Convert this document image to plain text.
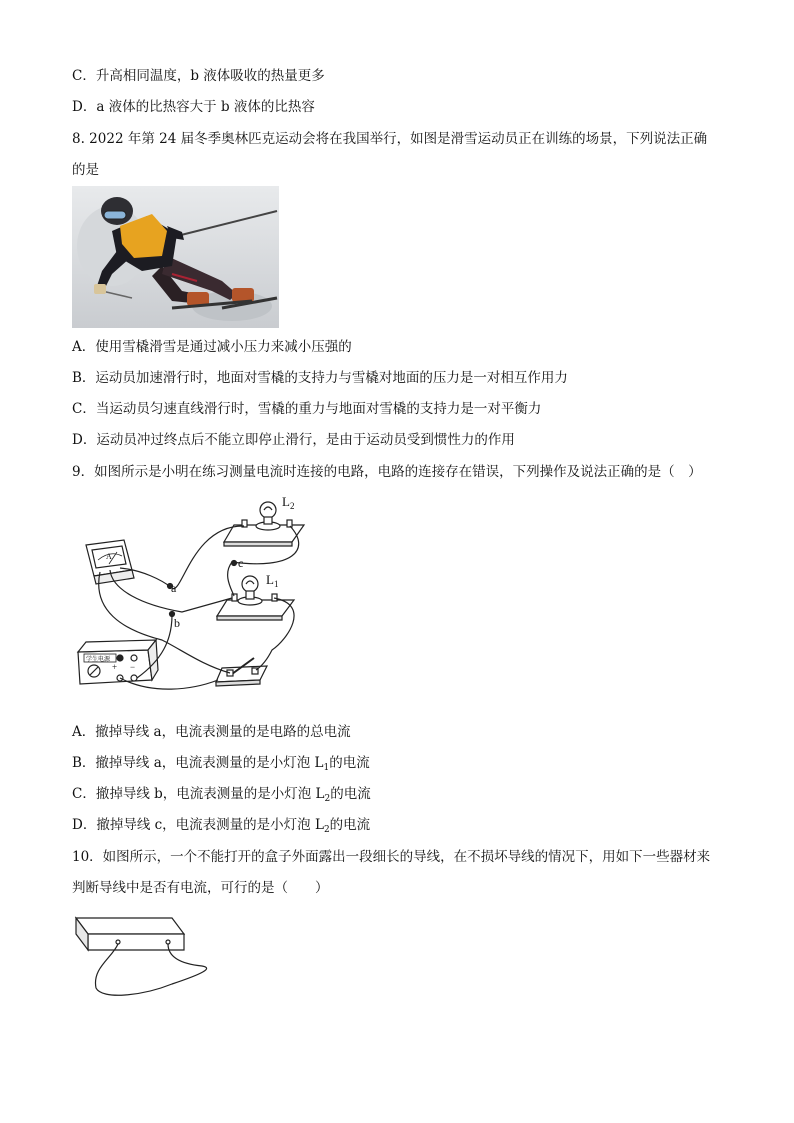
C．升高相同温度，b 液体吸收的热量更多
D．a 液体的比热容大于 b 液体的比热容
8. 2022 年第 24 届冬季奥林匹克运动会将在我国举行，如图是滑雪运动员正在训练的场景，下列说法正确
的是
A．使用雪橇滑雪是通过减小压力来减小压强的
B．运动员加速滑行时，地面对雪橇的支持力与雪橇对地面的压力是一对相互作用力
C．当运动员匀速直线滑行时，雪橇的重力与地面对雪橇的支持力是一对平衡力
D．运动员冲过终点后不能立即停止滑行，是由于运动员受到惯性力的作用
9．如图所示是小明在练习测量电流时连接的电路，电路的连接存在错误，下列操作及说法正确的是（　）
$L_2$
$L_1$
a
b
c
A
学生电源
+ −
A．撤掉导线 a，电流表测量的是电路的总电流
B．撤掉导线 a，电流表测量的是小灯泡 $L_1$的电流
C．撤掉导线 b，电流表测量的是小灯泡 $L_2$的电流
D．撤掉导线 c，电流表测量的是小灯泡 $L_2$的电流
10．如图所示，一个不能打开的盒子外面露出一段细长的导线，在不损坏导线的情况下，用如下一些器材来
判断导线中是否有电流，可行的是（　　）
